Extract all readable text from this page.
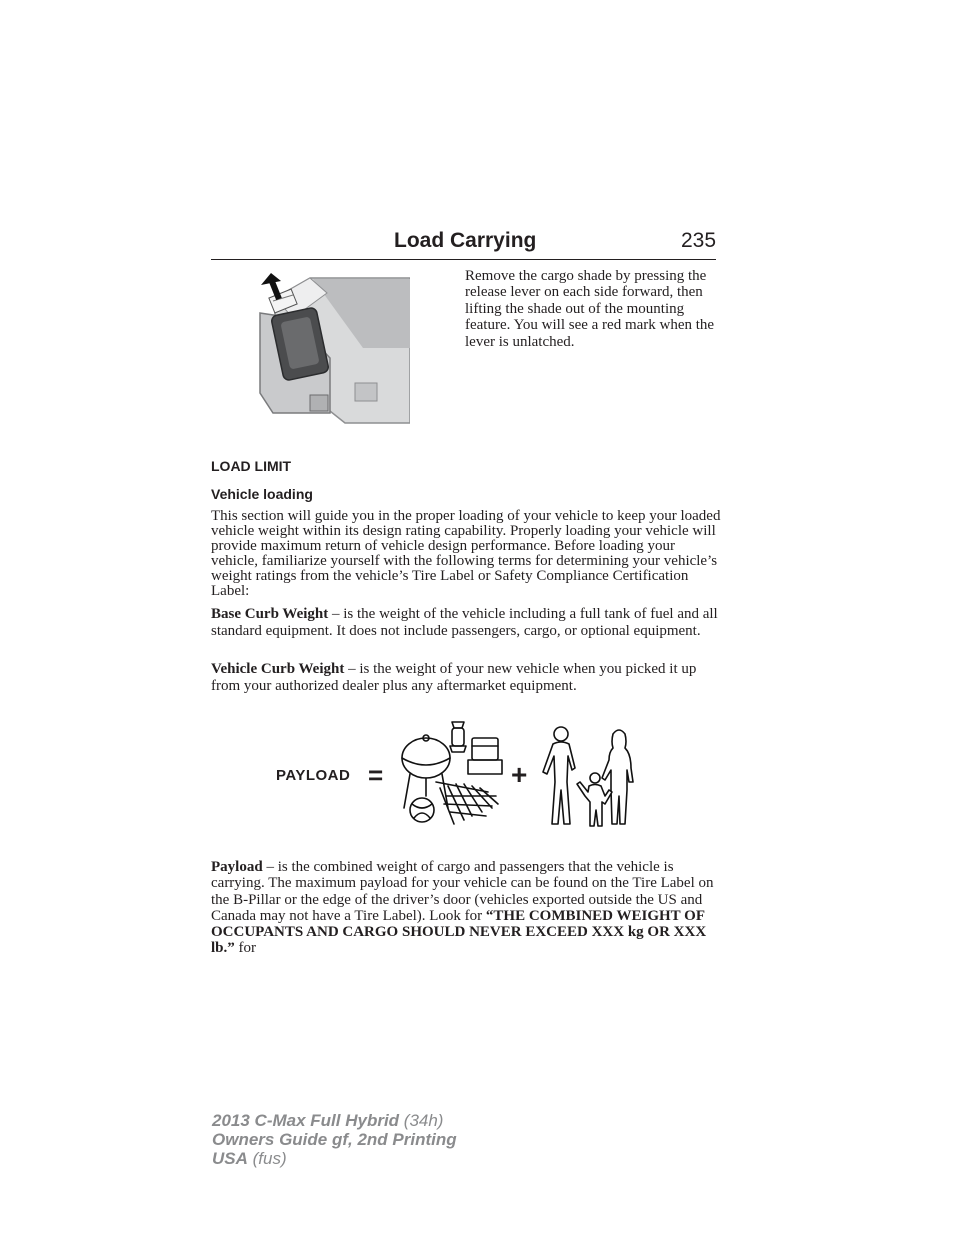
Load Carrying	235
Remove the cargo shade by pressing the release lever on each side forward, then lifting the shade out of the mounting feature. You will see a red mark when the lever is unlatched.
LOAD LIMIT
Vehicle loading

This section will guide you in the proper loading of your vehicle to keep your loaded vehicle weight within its design rating capability. Properly loading your vehicle will provide maximum return of vehicle design performance. Before loading your vehicle, familiarize yourself with the following terms for determining your vehicle’s weight ratings from the vehicle’s Tire Label or Safety Compliance Certification Label:

Base Curb Weight – is the weight of the vehicle including a full tank of fuel and all standard equipment. It does not include passengers, cargo, or optional equipment.

Vehicle Curb Weight – is the weight of your new vehicle when you picked it up from your authorized dealer plus any aftermarket equipment.

PAYLOAD =	+

Payload – is the combined weight of cargo and passengers that the vehicle is carrying. The maximum payload for your vehicle can be found on the Tire Label on the B-Pillar or the edge of the driver’s door (vehicles exported outside the US and Canada may not have a Tire Label). Look for “THE COMBINED WEIGHT OF OCCUPANTS AND CARGO SHOULD NEVER EXCEED XXX kg OR XXX lb.” for

2013 C-Max Full Hybrid (34h)
Owners Guide gf, 2nd Printing
USA (fus)
